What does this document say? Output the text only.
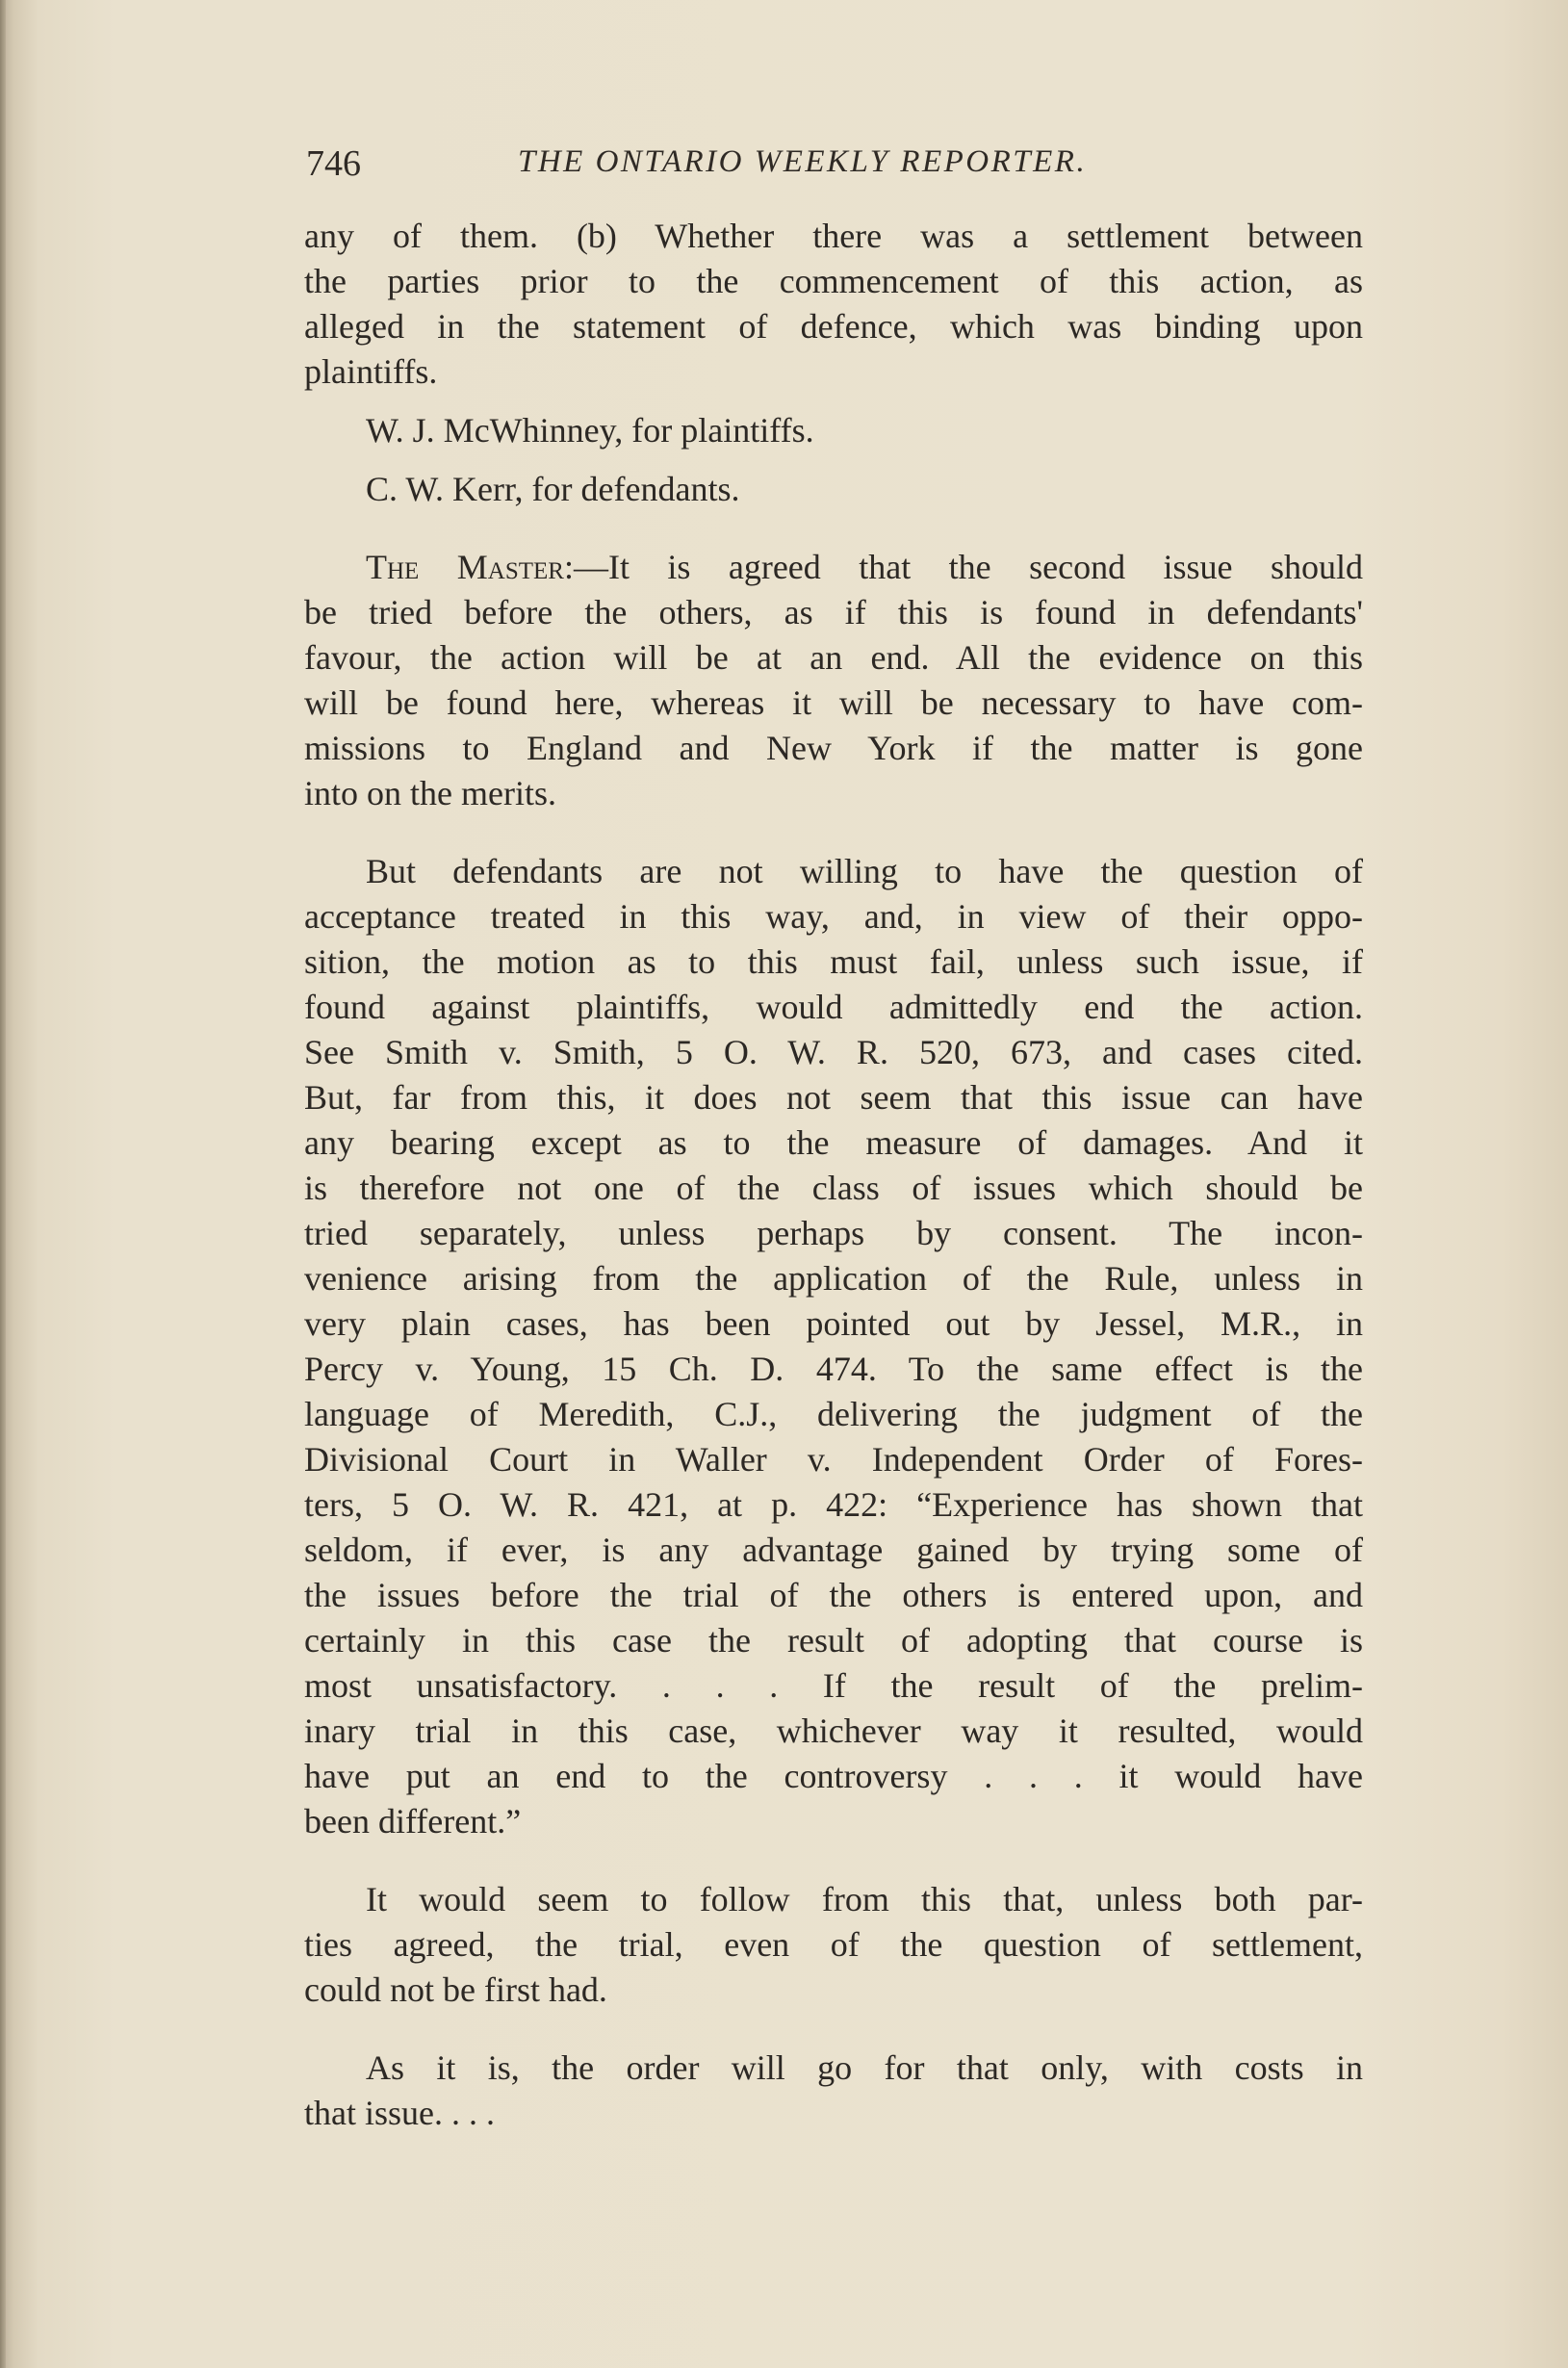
746	THE ONTARIO WEEKLY REPORTER.
any of them. (b) Whether there was a settlement between
the parties prior to the commencement of this action, as
alleged in the statement of defence, which was binding upon
plaintiffs.
W. J. McWhinney, for plaintiffs.
C. W. Kerr, for defendants.
The Master:—It is agreed that the second issue should
be tried before the others, as if this is found in defendants'
favour, the action will be at an end. All the evidence on this
will be found here, whereas it will be necessary to have com-
missions to England and New York if the matter is gone
into on the merits.
But defendants are not willing to have the question of
acceptance treated in this way, and, in view of their oppo-
sition, the motion as to this must fail, unless such issue, if
found against plaintiffs, would admittedly end the action.
See Smith v. Smith, 5 O. W. R. 520, 673, and cases cited.
But, far from this, it does not seem that this issue can have
any bearing except as to the measure of damages. And it
is therefore not one of the class of issues which should be
tried separately, unless perhaps by consent. The incon-
venience arising from the application of the Rule, unless in
very plain cases, has been pointed out by Jessel, M.R., in
Percy v. Young, 15 Ch. D. 474. To the same effect is the
language of Meredith, C.J., delivering the judgment of the
Divisional Court in Waller v. Independent Order of Fores-
ters, 5 O. W. R. 421, at p. 422: “Experience has shown that
seldom, if ever, is any advantage gained by trying some of
the issues before the trial of the others is entered upon, and
certainly in this case the result of adopting that course is
most unsatisfactory. . . . If the result of the prelim-
inary trial in this case, whichever way it resulted, would
have put an end to the controversy . . . it would have
been different.”
It would seem to follow from this that, unless both par-
ties agreed, the trial, even of the question of settlement,
could not be first had.
As it is, the order will go for that only, with costs in
that issue. . . .
